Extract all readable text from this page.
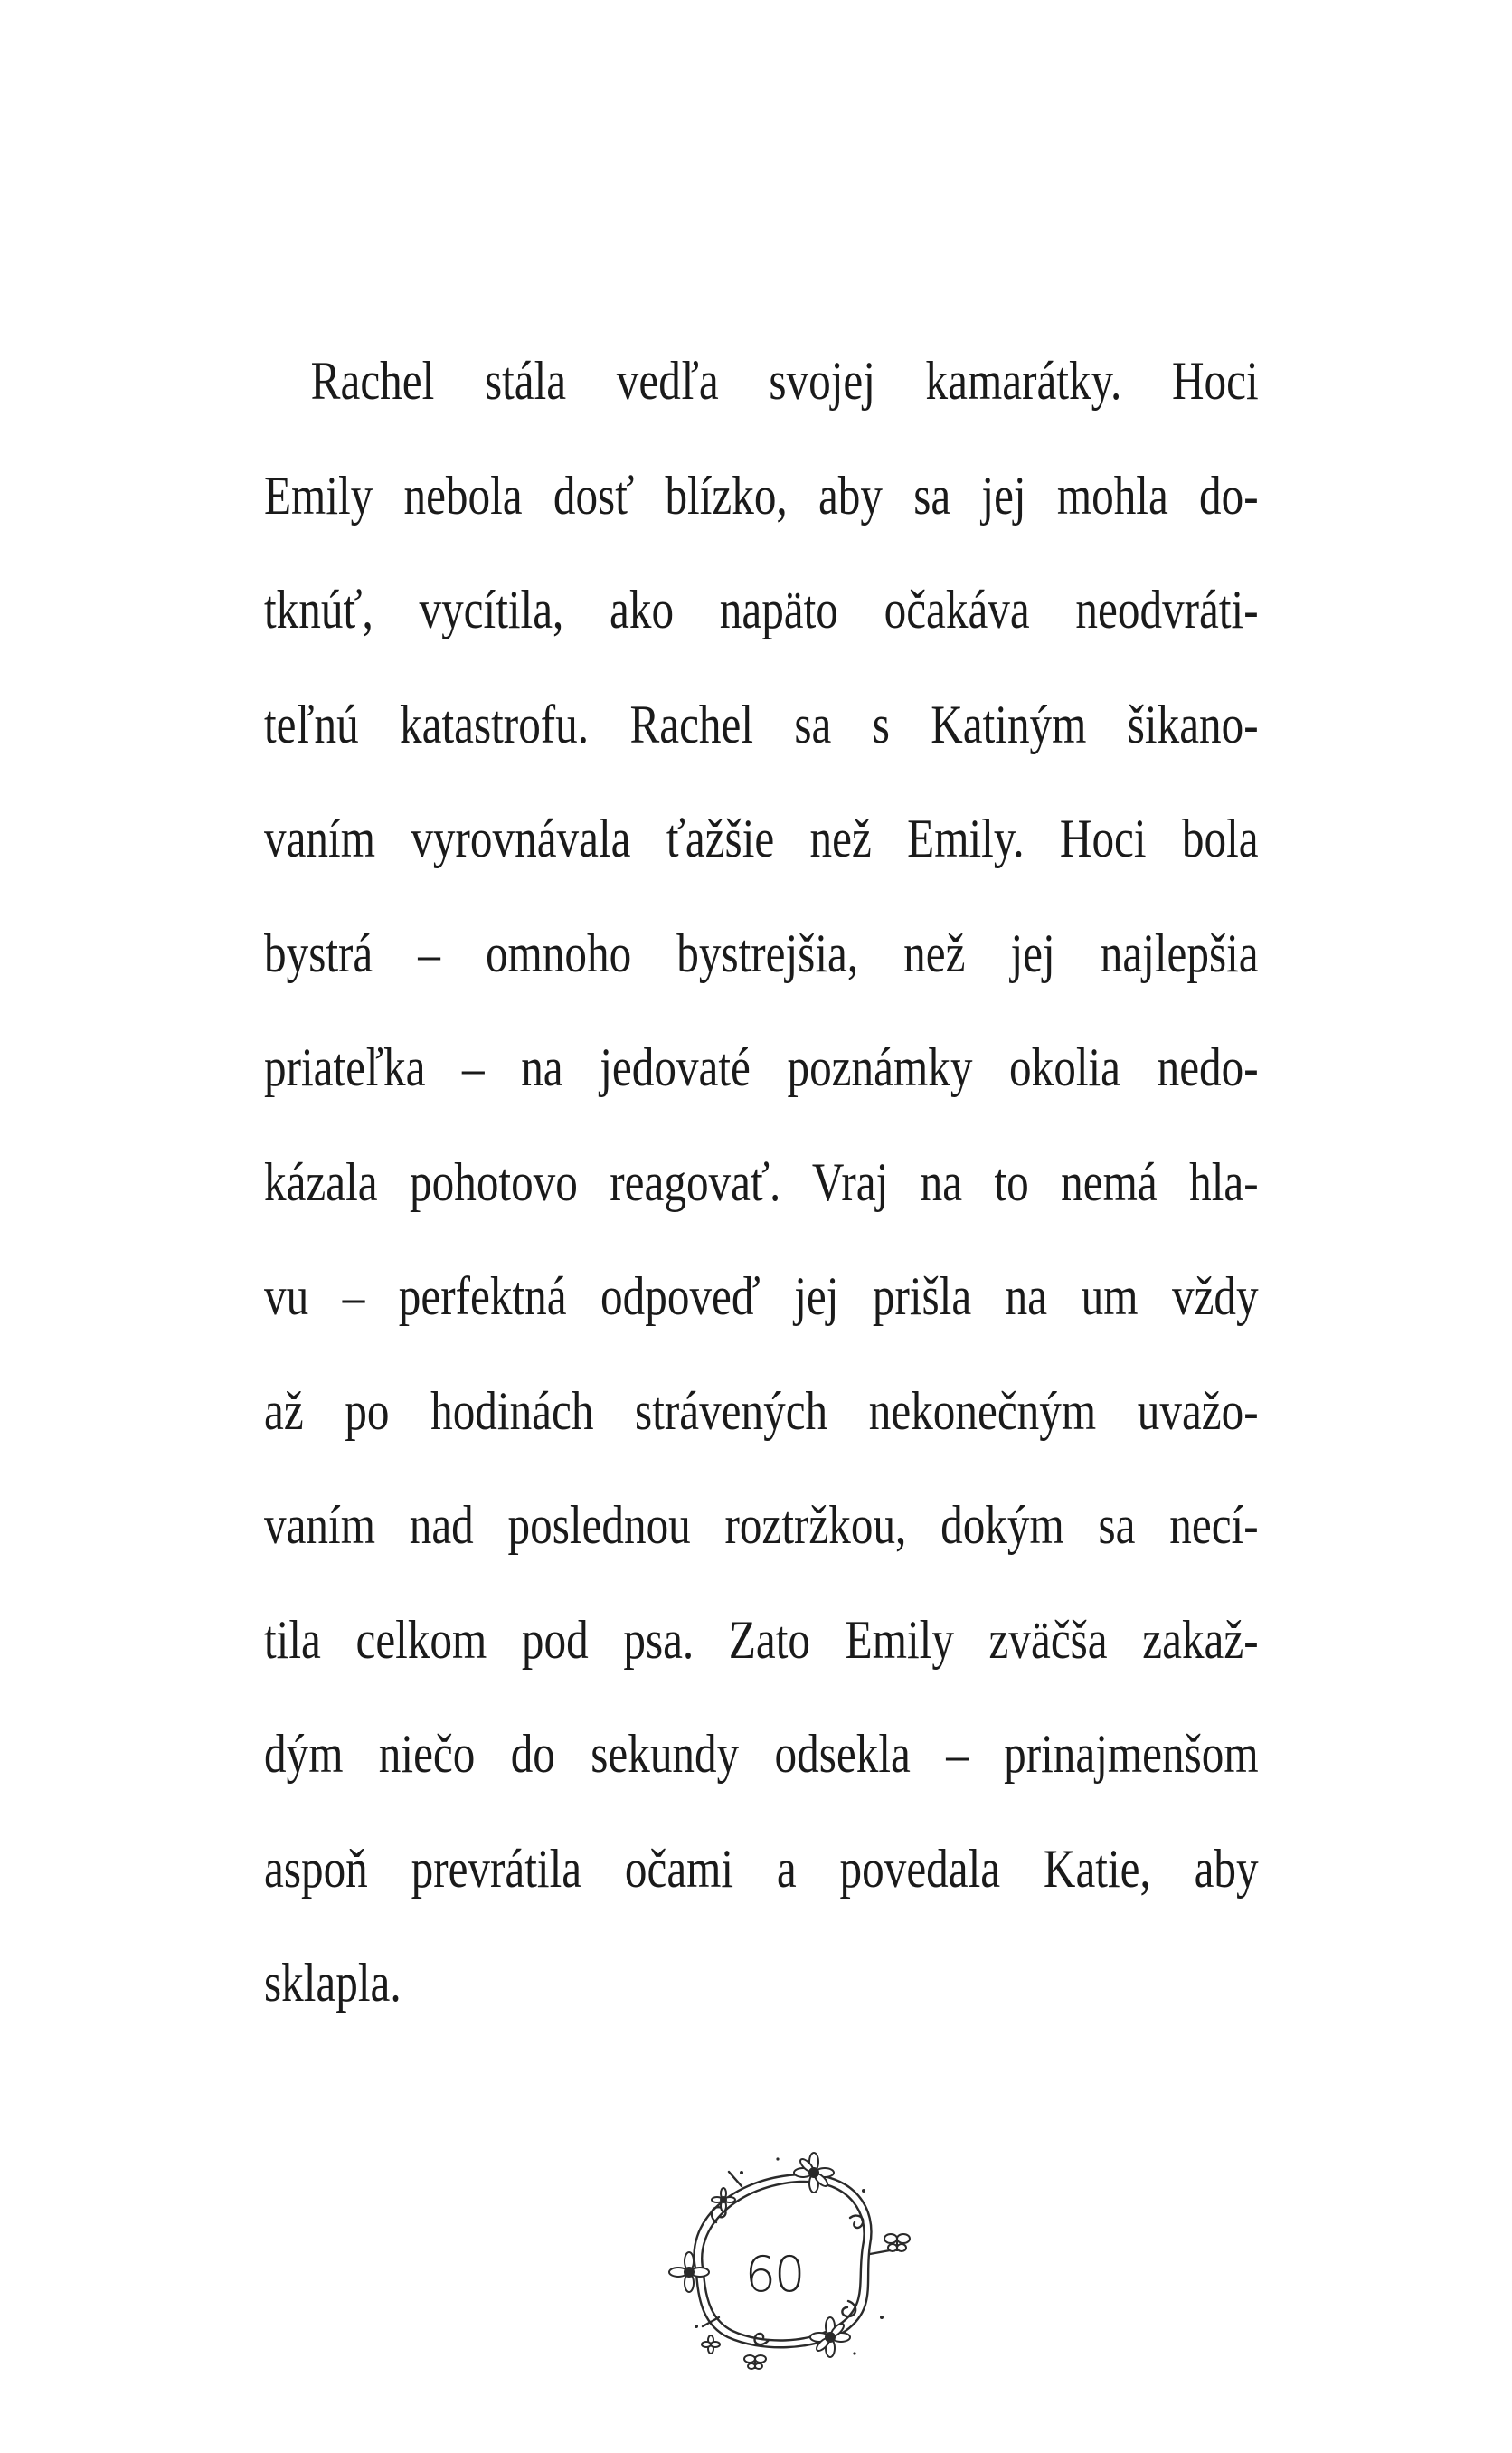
Rachel stála vedľa svojej kamarátky. Hoci
Emily nebola dosť blízko, aby sa jej mohla do-
tknúť, vycítila, ako napäto očakáva neodvráti-
teľnú katastrofu. Rachel sa s Katiným šikano-
vaním vyrovnávala ťažšie než Emily. Hoci bola
bystrá – omnoho bystrejšia, než jej najlepšia
priateľka – na jedovaté poznámky okolia nedo-
kázala pohotovo reagovať. Vraj na to nemá hla-
vu – perfektná odpoveď jej prišla na um vždy
až po hodinách strávených nekonečným uvažo-
vaním nad poslednou roztržkou, dokým sa necí-
tila celkom pod psa. Zato Emily zväčša zakaž-
dým niečo do sekundy odsekla – prinajmenšom
aspoň prevrátila očami a povedala Katie, aby
sklapla.
60
